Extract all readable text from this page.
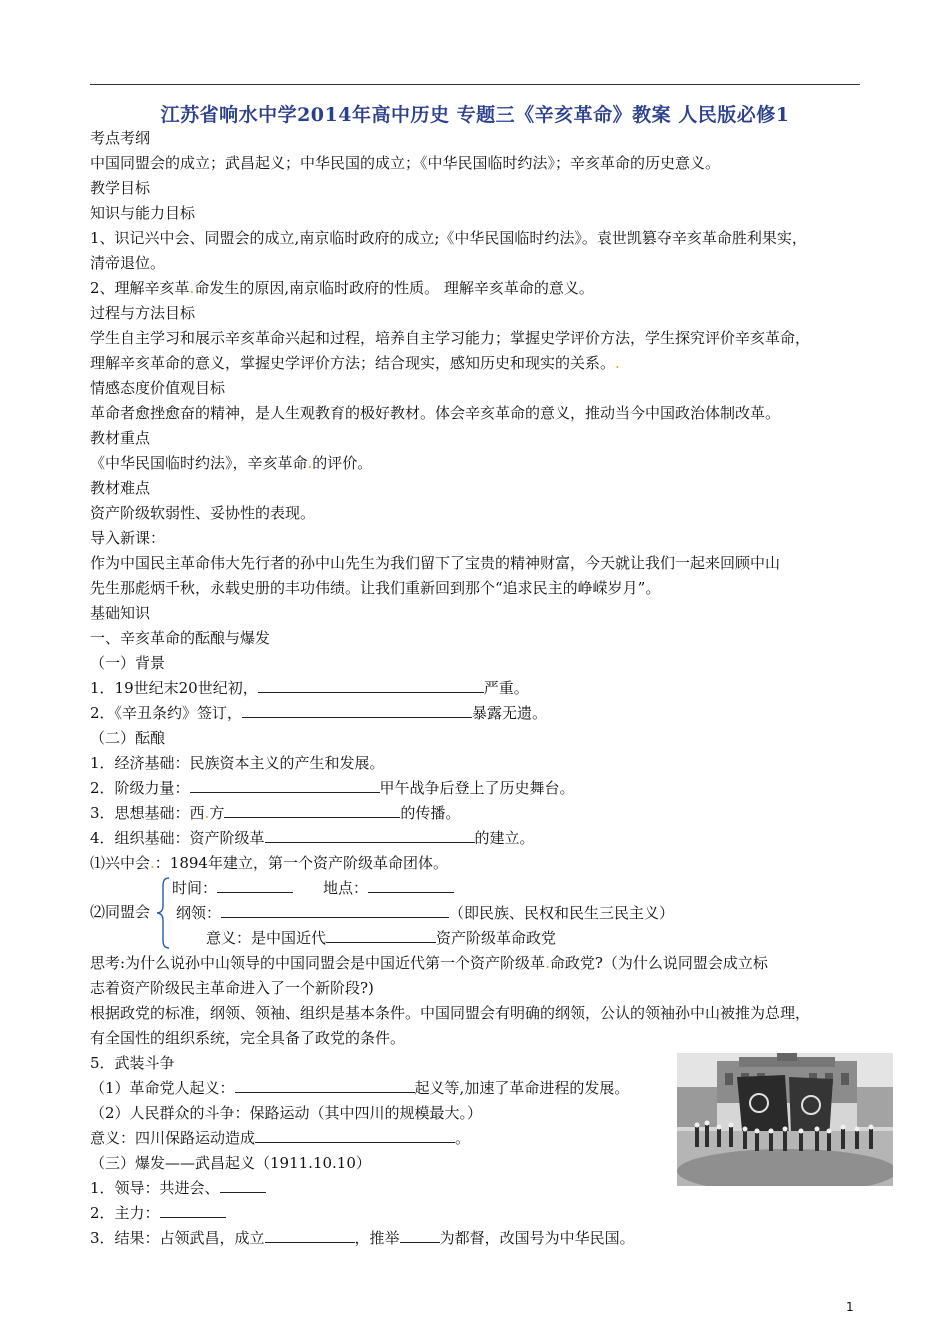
江苏省响水中学2014年高中历史 专题三《辛亥革命》教案 人民版必修1
考点考纲
中国同盟会的成立；武昌起义；中华民国的成立；《中华民国临时约法》；辛亥革命的历史意义。
教学目标
知识与能力目标
1、识记兴中会、同盟会的成立,南京临时政府的成立;《中华民国临时约法》。袁世凯篡夺辛亥革命胜利果实，
清帝退位。
2、理解辛亥革.命发生的原因,南京临时政府的性质。 理解辛亥革命的意义。
过程与方法目标
学生自主学习和展示辛亥革命兴起和过程，培养自主学习能力；掌握史学评价方法，学生探究评价辛亥革命，
理解辛亥革命的意义，掌握史学评价方法；结合现实，感知历史和现实的关系。.
情感态度价值观目标
革命者愈挫愈奋的精神，是人生观教育的极好教材。体会辛亥革命的意义，推动当今中国政治体制改革。
教材重点
《中华民国临时约法》，辛亥革命.的评价。
教材难点
资产阶级软弱性、妥协性的表现。
导入新课：
作为中国民主革命伟大先行者的孙中山先生为我们留下了宝贵的精神财富，今天就让我们一起来回顾中山
先生那彪炳千秋，永载史册的丰功伟绩。让我们重新回到那个“追求民主的峥嵘岁月”。
基础知识
一、辛亥革命的酝酿与爆发
（一）背景
1．19世纪末20世纪初，	严重。
2．《辛丑条约》签订，	暴露无遗。
（二）酝酿
1．经济基础：民族资本主义的产生和发展。
2．阶级力量：	甲午战争后登上了历史舞台。
3．思想基础：西.方	的传播。
4．组织基础：资产阶级革	的建立。
⑴兴中会.：1894年建立，第一个资产阶级革命团体。
⑵同盟会
时间：	地点：
纲领：	（即民族、民权和民生三民主义）
意义：是中国近代	资产阶级革命政党
思考:为什么说孙中山领导的中国同盟会是中国近代第一个资产阶级革.命政党?（为什么说同盟会成立标
志着资产阶级民主革命进入了一个新阶段?)
根据政党的标准，纲领、领袖、组织是基本条件。中国同盟会有明确的纲领，公认的领袖孙中山被推为总理，
有全国性的组织系统，完全具备了政党的条件。
5．武装斗争
（1）革命党人起义：	起义等,加速了革命进程的发展。
（2）人民群众的斗争：保路运动（其中四川的规模最大。）
意义：四川保路运动造成	。
（三）爆发——武昌起义（1911.10.10）
1．领导：共进会、
2．主力：
3．结果：占领武昌，成立	，推举	为都督，改国号为中华民国。
1
